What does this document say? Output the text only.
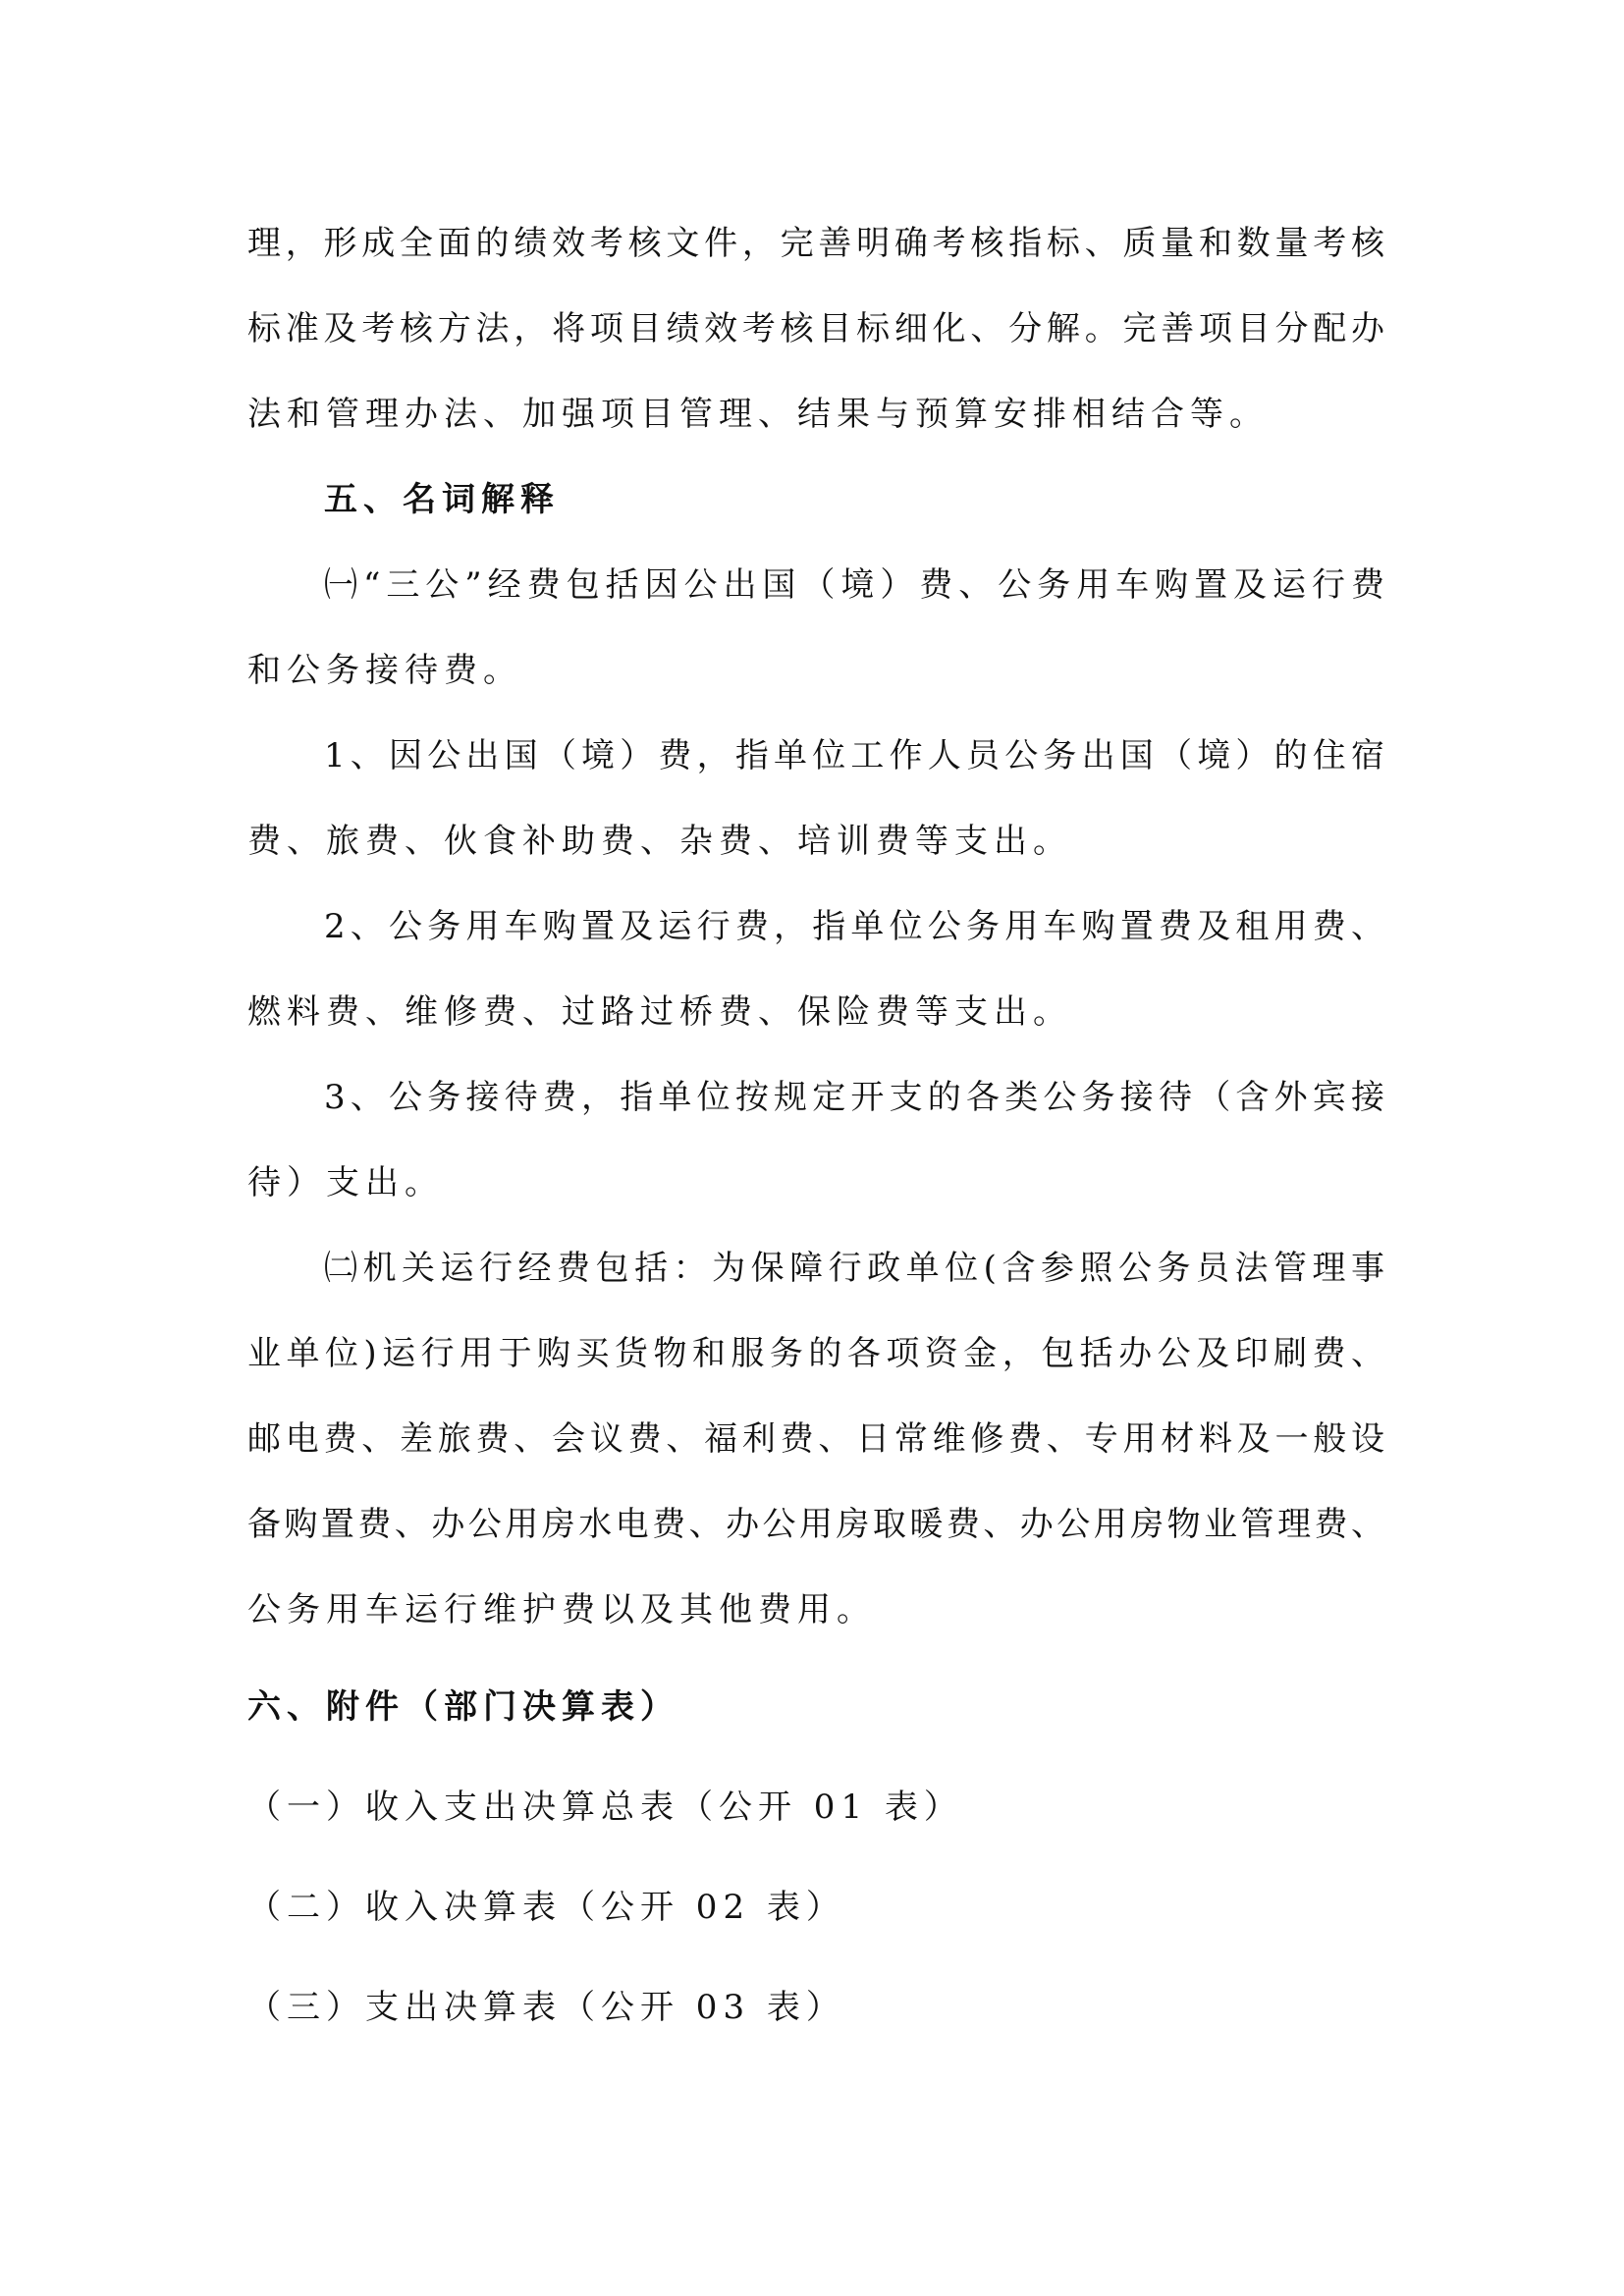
理，形成全面的绩效考核文件，完善明确考核指标、质量和数量考核
标准及考核方法，将项目绩效考核目标细化、分解。完善项目分配办
法和管理办法、加强项目管理、结果与预算安排相结合等。
五、名词解释
㈠“三公”经费包括因公出国（境）费、公务用车购置及运行费
和公务接待费。
1、因公出国（境）费，指单位工作人员公务出国（境）的住宿
费、旅费、伙食补助费、杂费、培训费等支出。
2、公务用车购置及运行费，指单位公务用车购置费及租用费、
燃料费、维修费、过路过桥费、保险费等支出。
3、公务接待费，指单位按规定开支的各类公务接待（含外宾接
待）支出。
㈡机关运行经费包括：为保障行政单位(含参照公务员法管理事
业单位)运行用于购买货物和服务的各项资金，包括办公及印刷费、
邮电费、差旅费、会议费、福利费、日常维修费、专用材料及一般设
备购置费、办公用房水电费、办公用房取暖费、办公用房物业管理费、
公务用车运行维护费以及其他费用。
六、附件（部门决算表）
（一）收入支出决算总表（公开 01 表）
（二）收入决算表（公开 02 表）
（三）支出决算表（公开 03 表）
